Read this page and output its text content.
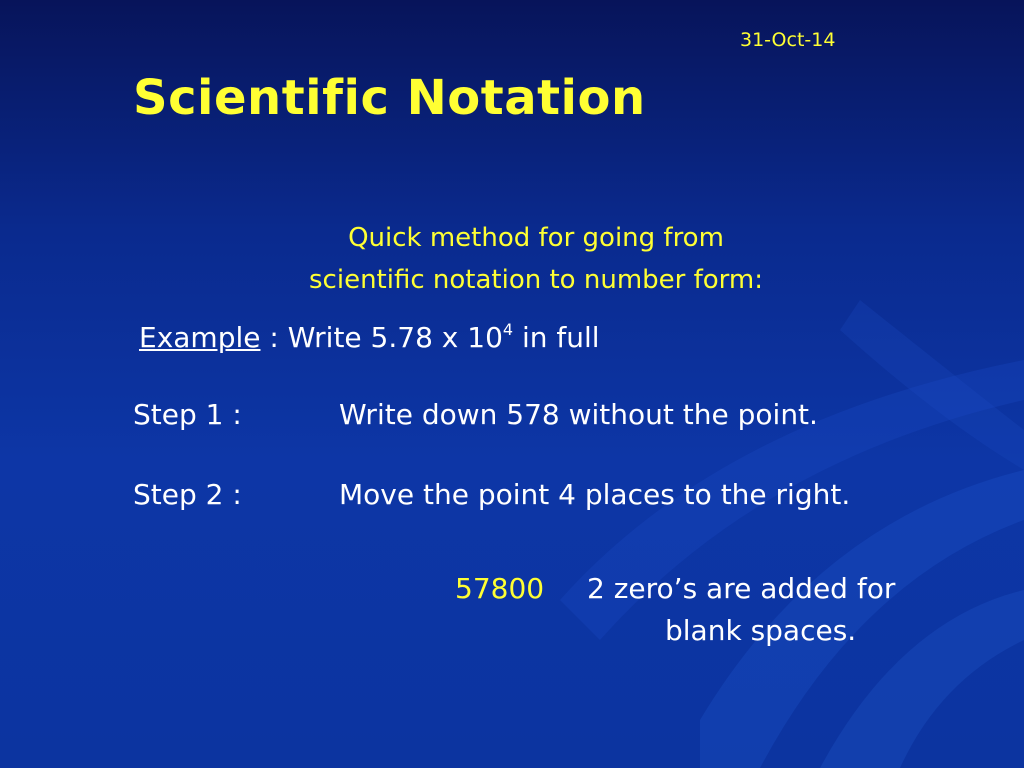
31-Oct-14
Scientific Notation
Quick method for going from
scientific notation to number form:
Example : Write 5.78 x $10^4$ in full
Step 1 :	Write down 578 without the point.
Step 2 :	Move the point 4 places to the right.
57800 2 zero’s are added for
blank spaces.
